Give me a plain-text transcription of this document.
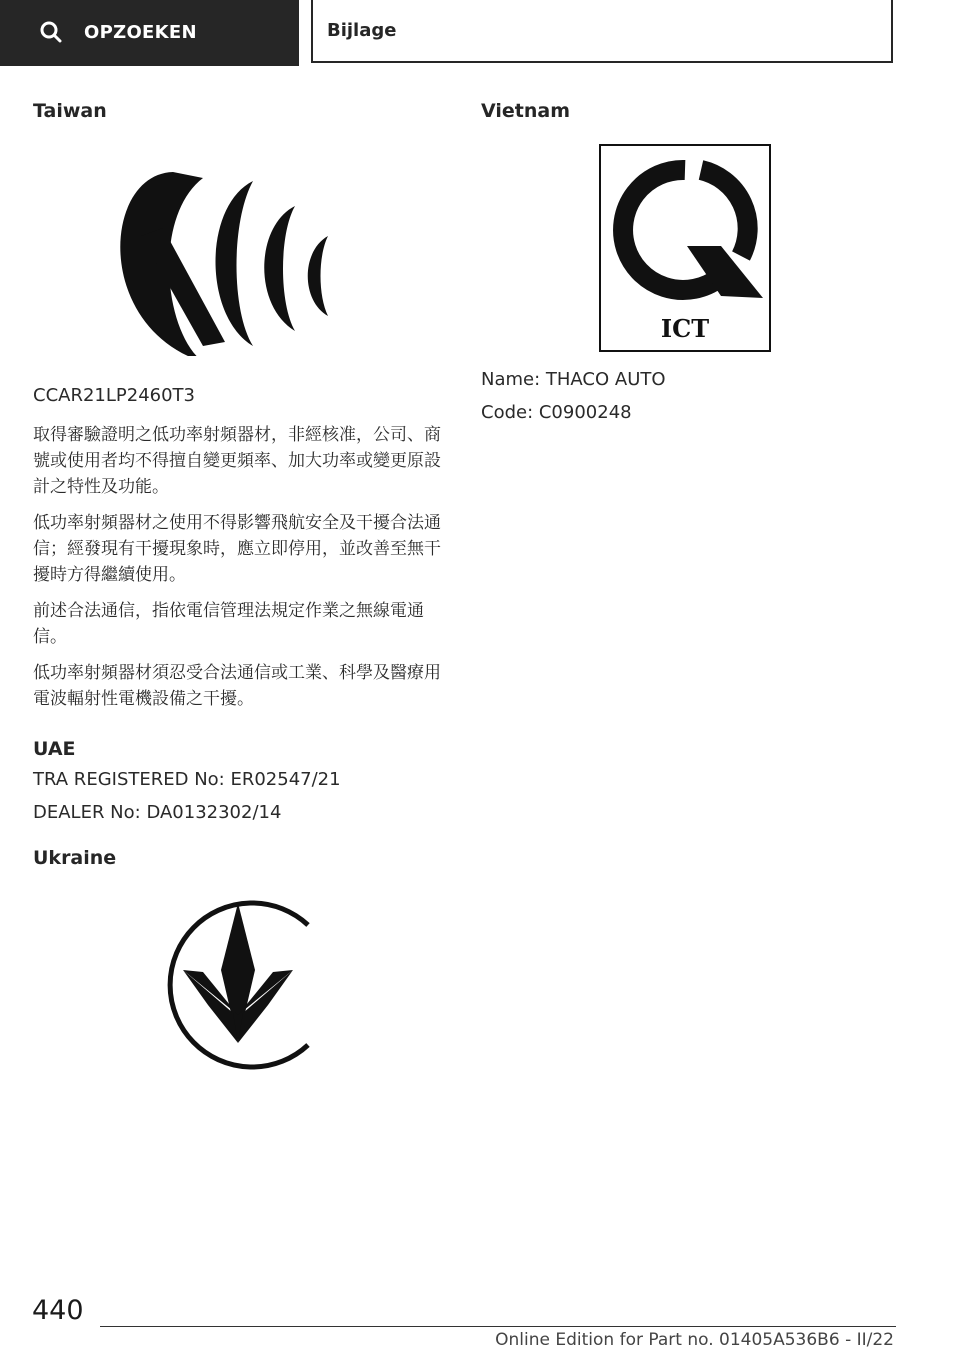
OPZOEKEN	Bijlage

Taiwan

CCAR21LP2460T3

取得審驗證明之低功率射頻器材，非經核准，公司、商號或使用者均不得擅自變更頻率、加大功率或變更原設計之特性及功能。

低功率射頻器材之使用不得影響飛航安全及干擾合法通信；經發現有干擾現象時，應立即停用，並改善至無干擾時方得繼續使用。

前述合法通信，指依電信管理法規定作業之無線電通信。

低功率射頻器材須忍受合法通信或工業、科學及醫療用電波輻射性電機設備之干擾。

UAE

TRA REGISTERED No: ER02547/21

DEALER No: DA0132302/14

Ukraine

Vietnam

ICT

Name: THACO AUTO

Code: C0900248

440
Online Edition for Part no. 01405A536B6 - II/22
